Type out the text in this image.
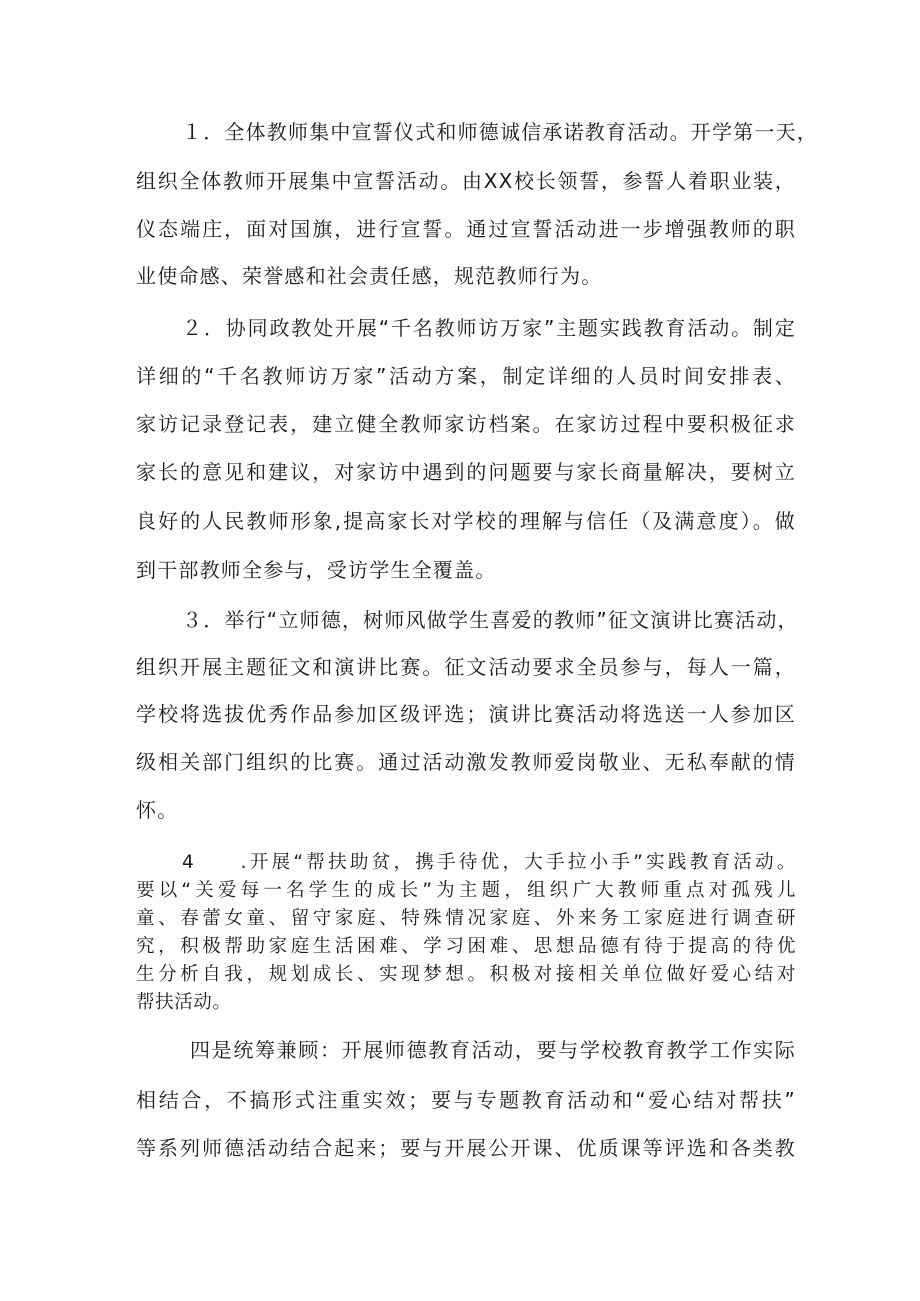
１．全体教师集中宣誓仪式和师德诚信承诺教育活动。开学第一天，
组织全体教师开展集中宣誓活动。由XX校长领誓，参誓人着职业装，
仪态端庄，面对国旗，进行宣誓。通过宣誓活动进一步增强教师的职
业使命感、荣誉感和社会责任感，规范教师行为。
２．协同政教处开展“千名教师访万家”主题实践教育活动。制定
详细的“千名教师访万家”活动方案，制定详细的人员时间安排表、
家访记录登记表，建立健全教师家访档案。在家访过程中要积极征求
家长的意见和建议，对家访中遇到的问题要与家长商量解决，要树立
良好的人民教师形象,提高家长对学校的理解与信任（及满意度）。做
到干部教师全参与，受访学生全覆盖。
３．举行“立师德，树师风做学生喜爱的教师”征文演讲比赛活动，
组织开展主题征文和演讲比赛。征文活动要求全员参与，每人一篇，
学校将选拔优秀作品参加区级评选；演讲比赛活动将选送一人参加区
级相关部门组织的比赛。通过活动激发教师爱岗敬业、无私奉献的情
怀。
4　　.开展“帮扶助贫，携手待优，大手拉小手”实践教育活动。
要以“关爱每一名学生的成长”为主题，组织广大教师重点对孤残儿
童、春蕾女童、留守家庭、特殊情况家庭、外来务工家庭进行调查研
究，积极帮助家庭生活困难、学习困难、思想品德有待于提高的待优
生分析自我，规划成长、实现梦想。积极对接相关单位做好爱心结对
帮扶活动。
四是统筹兼顾：开展师德教育活动，要与学校教育教学工作实际
相结合，不搞形式注重实效；要与专题教育活动和“爱心结对帮扶”
等系列师德活动结合起来；要与开展公开课、优质课等评选和各类教
